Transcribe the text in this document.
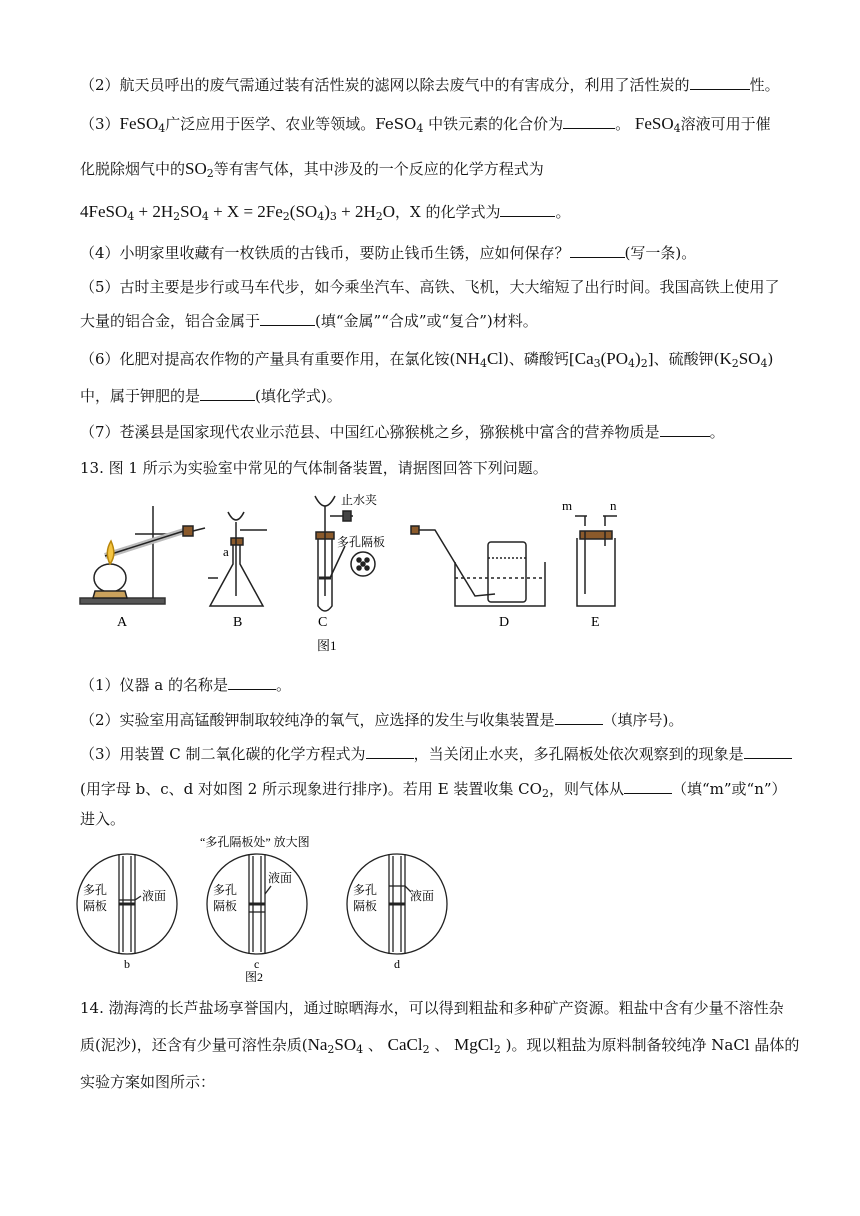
（2）航天员呼出的废气需通过装有活性炭的滤网以除去废气中的有害成分，利用了活性炭的	性。
（3）FeSO$_4$广泛应用于医学、农业等领域。FeSO$_4$ 中铁元素的化合价为	。 FeSO$_4$溶液可用于催
化脱除烟气中的$SO_2$等有害气体，其中涉及的一个反应的化学方程式为
4FeSO$_4$ + $2H_2SO_4 + X = 2Fe_2(SO_4)_3 + 2H_2O$，X 的化学式为	。
（4）小明家里收藏有一枚铁质的古钱币，要防止钱币生锈，应如何保存？	(写一条)。
（5）古时主要是步行或马车代步，如今乘坐汽车、高铁、飞机，大大缩短了出行时间。我国高铁上使用了
大量的铝合金，铝合金属于	(填“金属”“合成”或“复合”)材料。
（6）化肥对提高农作物的产量具有重要作用，在氯化铵$(NH_4Cl)$、磷酸钙$[Ca_3(PO_4)_2]$、硫酸钾$(K_2SO_4)$
中，属于钾肥的是	(填化学式)。
（7）苍溪县是国家现代农业示范县、中国红心猕猴桃之乡，猕猴桃中富含的营养物质是	。
13. 图 1 所示为实验室中常见的气体制备装置，请据图回答下列问题。
a
A	B	C	D	E
m	n
止水夹
多孔隔板
图1
（1）仪器 a 的名称是	。
（2）实验室用高锰酸钾制取较纯净的氧气，应选择的发生与收集装置是	（填序号)。
（3）用装置 C 制二氧化碳的化学方程式为	，当关闭止水夹，多孔隔板处依次观察到的现象是
(用字母 b、c、d 对如图 2 所示现象进行排序)。若用 E 装置收集 $CO_2$，则气体从	（填“m”或“n”）
进入。
“多孔隔板处” 放大图
多孔
隔板
液面	多孔
隔板
液面
多孔
隔板
液面
b	c	d
图2
14. 渤海湾的长芦盐场享誉国内，通过晾晒海水，可以得到粗盐和多种矿产资源。粗盐中含有少量不溶性杂
质(泥沙)，还含有少量可溶性杂质($Na_2SO_4$ 、 CaCl$_2$ 、 MgCl$_2$ )。现以粗盐为原料制备较纯净 NaCl 晶体的
实验方案如图所示：
